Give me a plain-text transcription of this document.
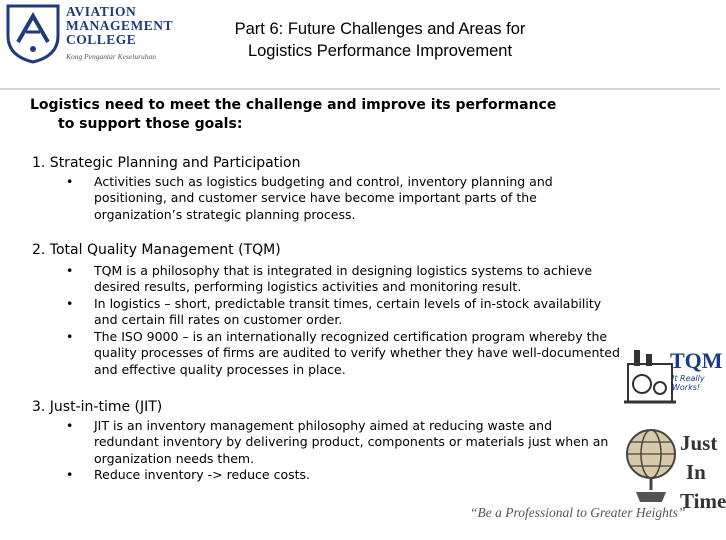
AVIATION
MANAGEMENT
COLLEGE
Kong Pengantar Keseluruhan
Part 6: Future Challenges and Areas for
Logistics Performance Improvement
Logistics need to meet the challenge and improve its performance
to support those goals:
1. Strategic Planning and Participation
• Activities such as logistics budgeting and control, inventory planning and positioning, and customer service have become important parts of the organization’s strategic planning process.
2. Total Quality Management (TQM)
• TQM is a philosophy that is integrated in designing logistics systems to achieve desired results, performing logistics activities and monitoring result.
• In logistics – short, predictable transit times, certain levels of in-stock availability and certain fill rates on customer order.
• The ISO 9000 – is an internationally recognized certification program whereby the quality processes of firms are audited to verify whether they have well-documented and effective quality processes in place.	TQM
It Really Works!
3. Just-in-time (JIT)
• JIT is an inventory management philosophy aimed at reducing waste and redundant inventory by delivering product, components or materials just when an organization needs them.
• Reduce inventory -> reduce costs.
Just
In
Time
“Be a Professional to Greater Heights”
